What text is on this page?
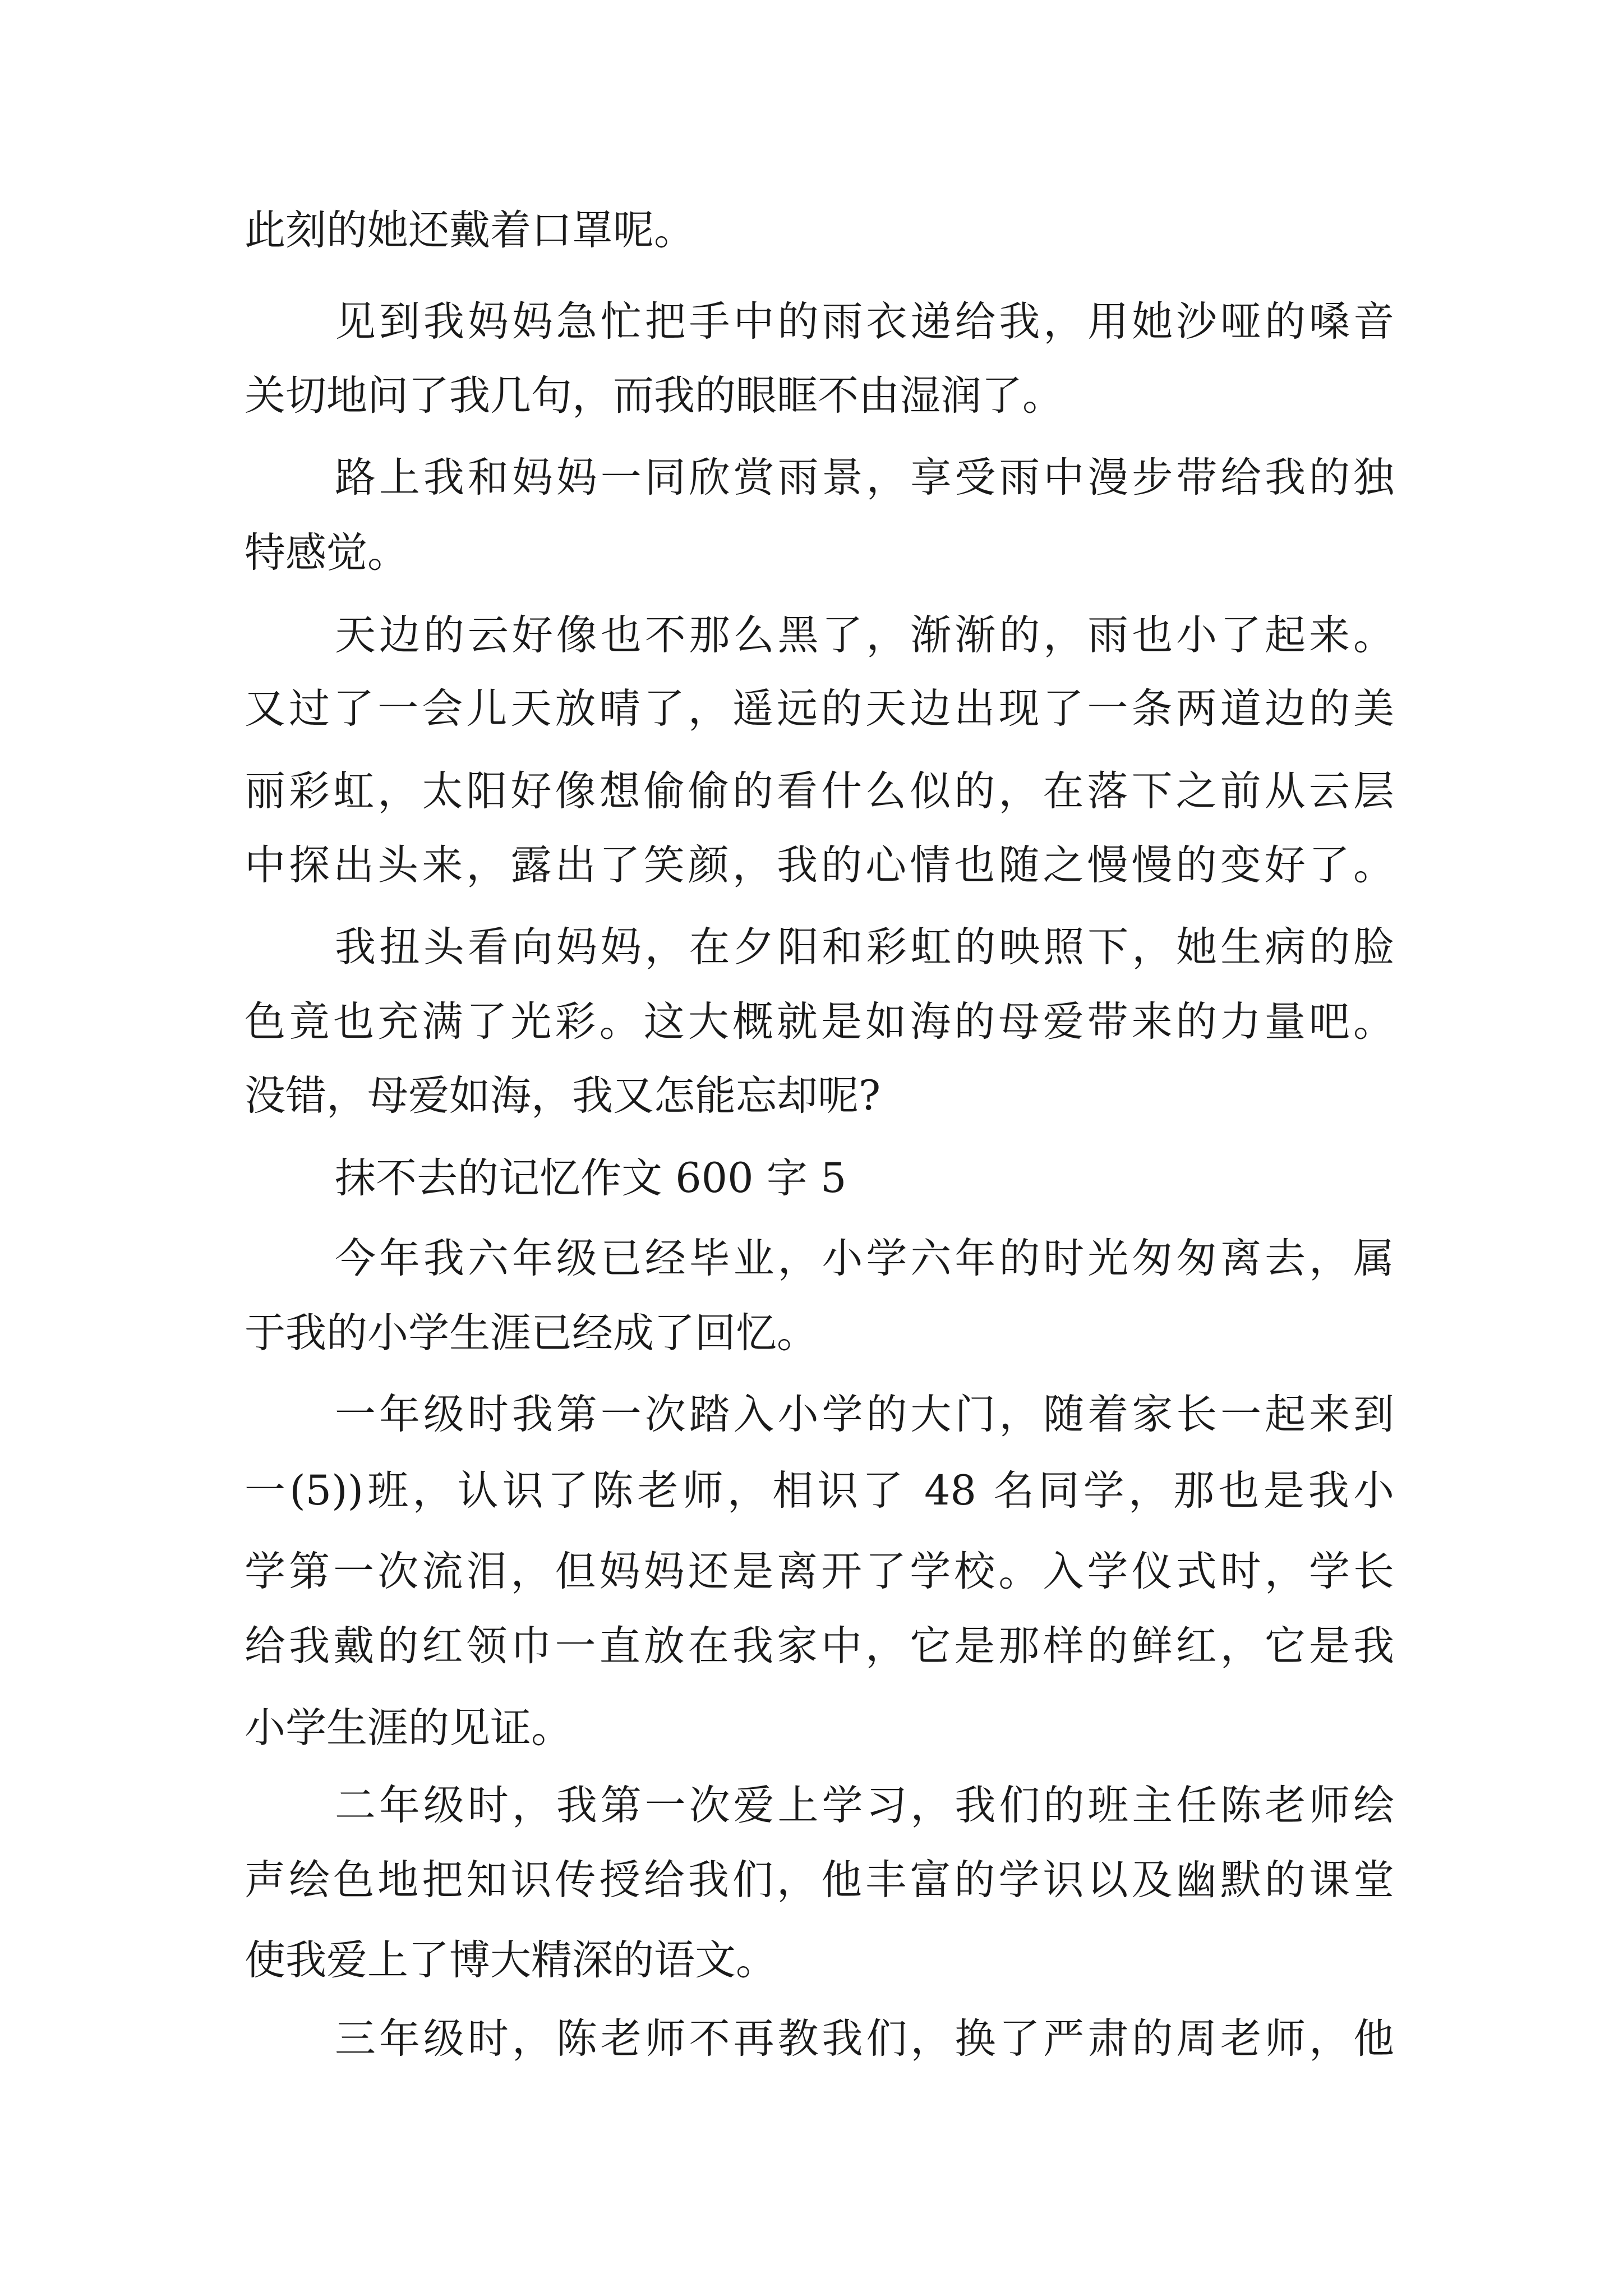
此刻的她还戴着口罩呢。

见到我妈妈急忙把手中的雨衣递给我，用她沙哑的嗓音

关切地问了我几句，而我的眼眶不由湿润了。

路上我和妈妈一同欣赏雨景，享受雨中漫步带给我的独

特感觉。

天边的云好像也不那么黑了，渐渐的，雨也小了起来。

又过了一会儿天放晴了，遥远的天边出现了一条两道边的美

丽彩虹，太阳好像想偷偷的看什么似的，在落下之前从云层

中探出头来，露出了笑颜，我的心情也随之慢慢的变好了。

我扭头看向妈妈，在夕阳和彩虹的映照下，她生病的脸

色竟也充满了光彩。这大概就是如海的母爱带来的力量吧。

没错，母爱如海，我又怎能忘却呢?

抹不去的记忆作文 600 字 5

今年我六年级已经毕业，小学六年的时光匆匆离去，属

于我的小学生涯已经成了回忆。

一年级时我第一次踏入小学的大门，随着家长一起来到

一(5))班，认识了陈老师，相识了 48 名同学，那也是我小

学第一次流泪，但妈妈还是离开了学校。入学仪式时，学长

给我戴的红领巾一直放在我家中，它是那样的鲜红，它是我

小学生涯的见证。

二年级时，我第一次爱上学习，我们的班主任陈老师绘

声绘色地把知识传授给我们，他丰富的学识以及幽默的课堂

使我爱上了博大精深的语文。

三年级时，陈老师不再教我们，换了严肃的周老师，他
